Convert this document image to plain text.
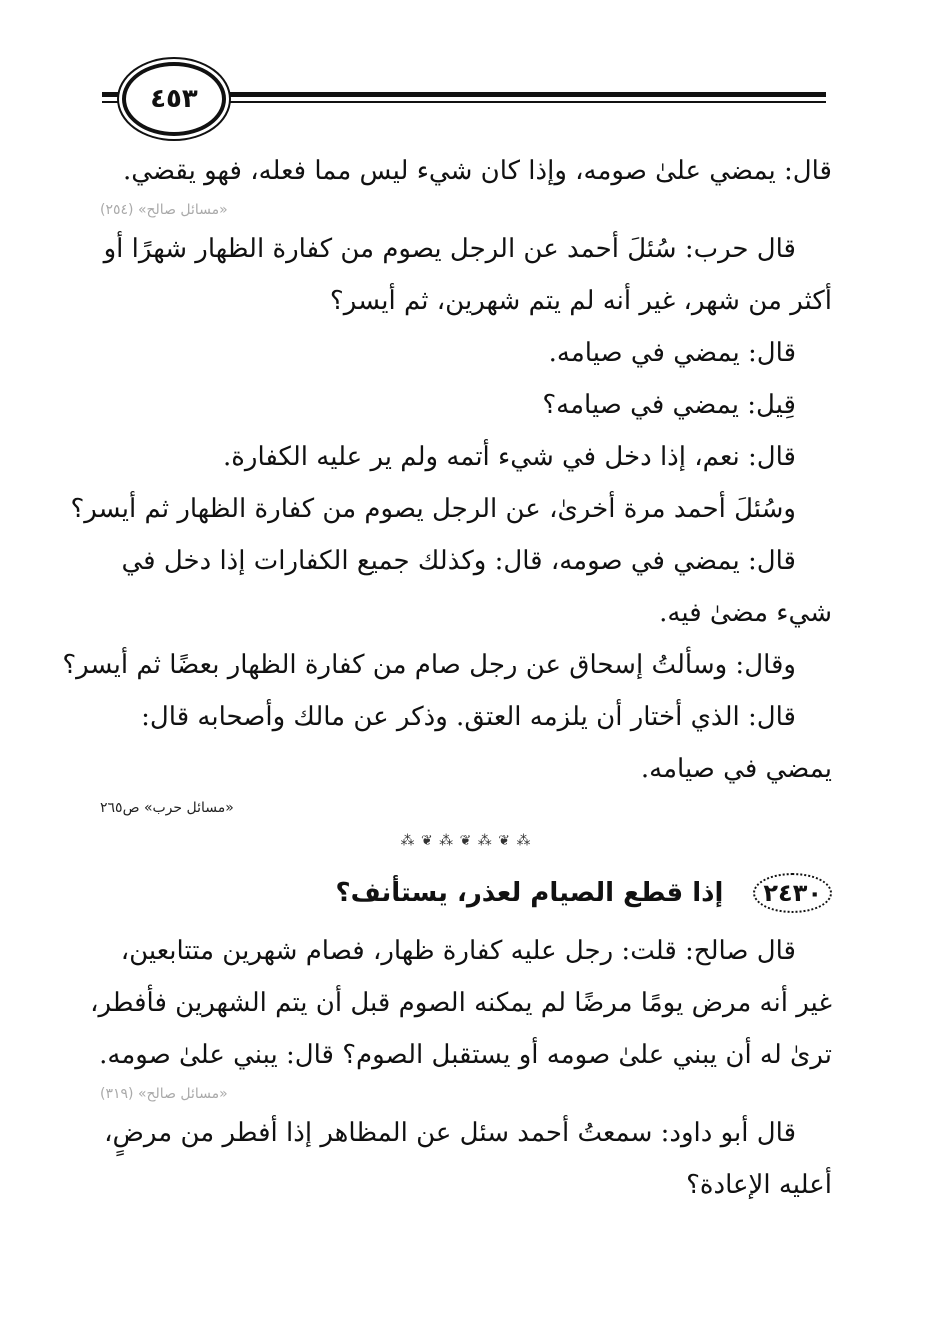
٤٥٣
قال: يمضي علىٰ صومه، وإذا كان شيء ليس مما فعله، فهو يقضي.
«مسائل صالح» (٢٥٤)
قال حرب: سُئلَ أحمد عن الرجل يصوم من كفارة الظهار شهرًا أو
أكثر من شهر، غير أنه لم يتم شهرين، ثم أيسر؟
قال: يمضي في صيامه.
قِيل: يمضي في صيامه؟
قال: نعم، إذا دخل في شيء أتمه ولم ير عليه الكفارة.
وسُئلَ أحمد مرة أخرىٰ، عن الرجل يصوم من كفارة الظهار ثم أيسر؟
قال: يمضي في صومه، قال: وكذلك جميع الكفارات إذا دخل في
شيء مضىٰ فيه.
وقال: وسألتُ إسحاق عن رجل صام من كفارة الظهار بعضًا ثم أيسر؟
قال: الذي أختار أن يلزمه العتق. وذكر عن مالك وأصحابه قال:
يمضي في صيامه.
«مسائل حرب» ص٢٦٥
⁂ ❦ ⁂ ❦ ⁂ ❦ ⁂
٢٤٣٠
إذا قطع الصيام لعذر، يستأنف؟
قال صالح: قلت: رجل عليه كفارة ظهار، فصام شهرين متتابعين،
غير أنه مرض يومًا مرضًا لم يمكنه الصوم قبل أن يتم الشهرين فأفطر،
ترىٰ له أن يبني علىٰ صومه أو يستقبل الصوم؟ قال: يبني علىٰ صومه.
«مسائل صالح» (٣١٩)
قال أبو داود: سمعتُ أحمد سئل عن المظاهر إذا أفطر من مرضٍ،
أعليه الإعادة؟
